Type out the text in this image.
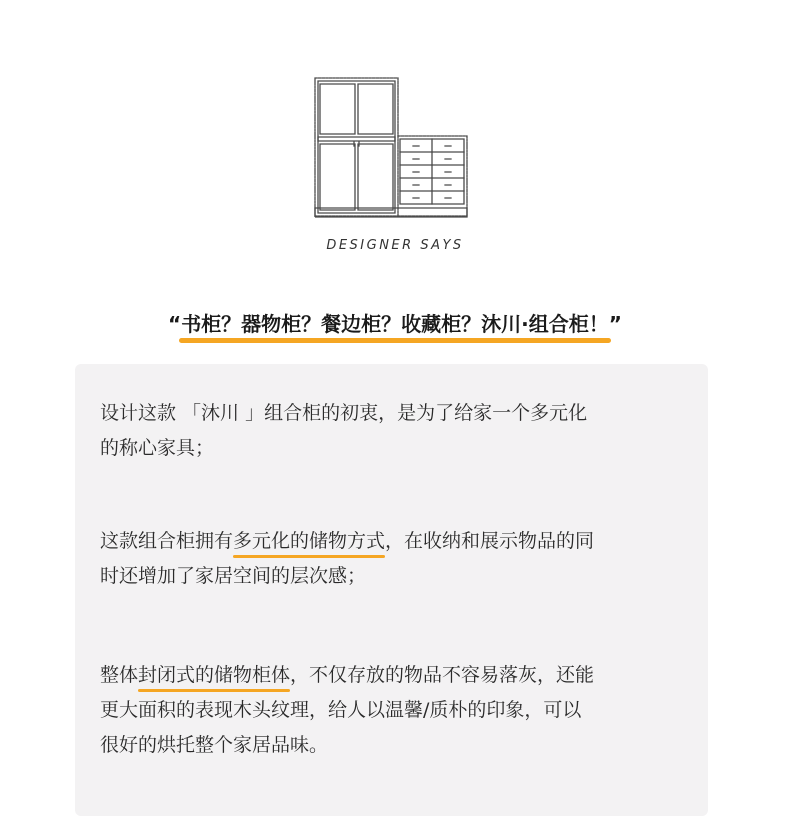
DESIGNER SAYS
“书柜？器物柜？餐边柜？收藏柜？沐川·组合柜！”
设计这款 「沐川 」组合柜的初衷，是为了给家一个多元化
的称心家具；
这款组合柜拥有多元化的储物方式，在收纳和展示物品的同
时还增加了家居空间的层次感；
整体封闭式的储物柜体，不仅存放的物品不容易落灰，还能
更大面积的表现木头纹理，给人以温馨/质朴的印象，可以
很好的烘托整个家居品味。
